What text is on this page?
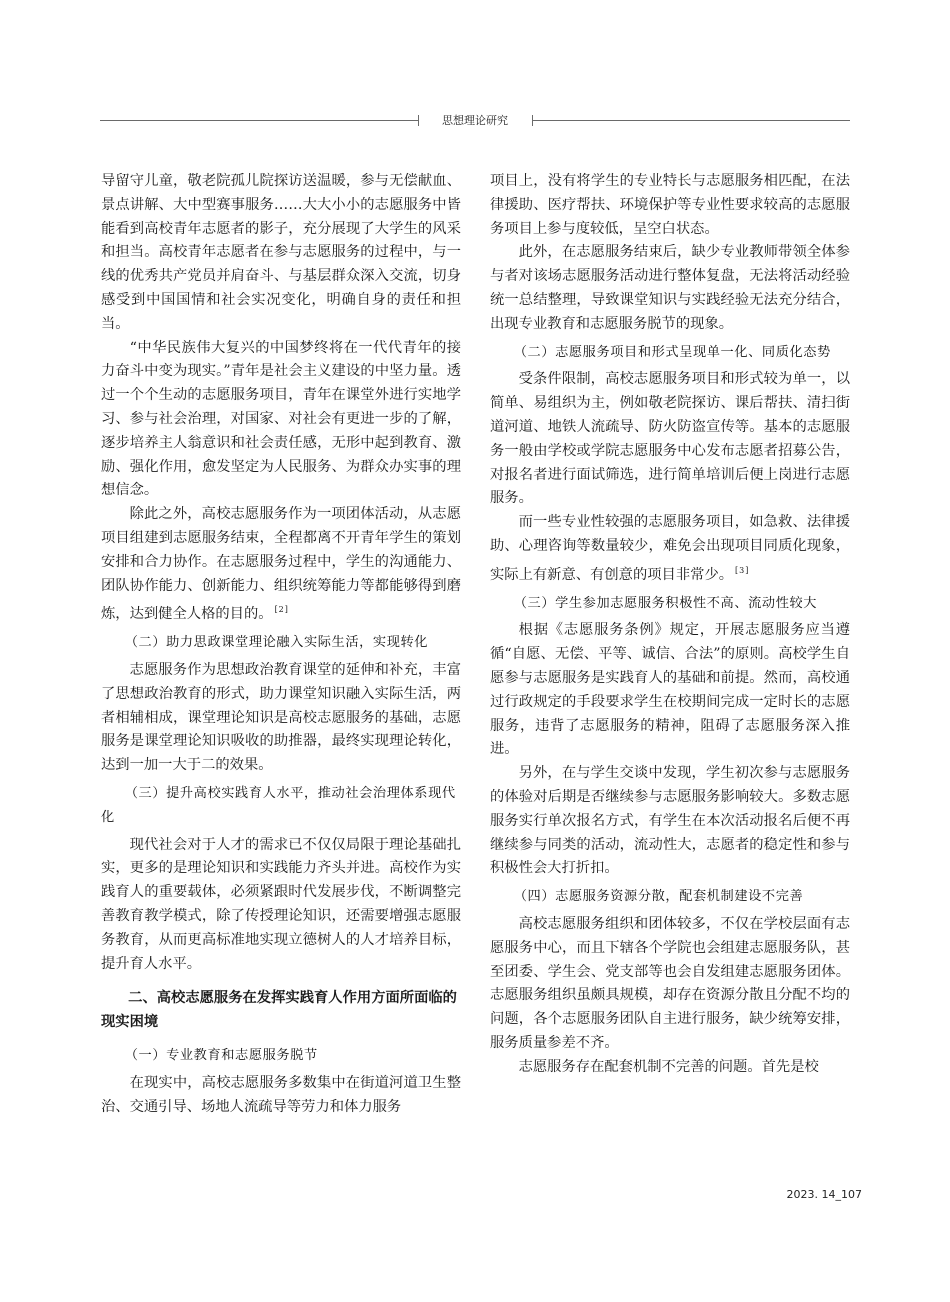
思想理论研究

导留守儿童，敬老院孤儿院探访送温暖，参与无偿献血、景点讲解、大中型赛事服务……大大小小的志愿服务中皆能看到高校青年志愿者的影子，充分展现了大学生的风采和担当。高校青年志愿者在参与志愿服务的过程中，与一线的优秀共产党员并肩奋斗、与基层群众深入交流，切身感受到中国国情和社会实况变化，明确自身的责任和担当。

“中华民族伟大复兴的中国梦终将在一代代青年的接力奋斗中变为现实。”青年是社会主义建设的中坚力量。透过一个个生动的志愿服务项目，青年在课堂外进行实地学习、参与社会治理，对国家、对社会有更进一步的了解，逐步培养主人翁意识和社会责任感，无形中起到教育、激励、强化作用，愈发坚定为人民服务、为群众办实事的理想信念。

除此之外，高校志愿服务作为一项团体活动，从志愿项目组建到志愿服务结束，全程都离不开青年学生的策划安排和合力协作。在志愿服务过程中，学生的沟通能力、团队协作能力、创新能力、组织统筹能力等都能够得到磨炼，达到健全人格的目的。 [2]

（二）助力思政课堂理论融入实际生活，实现转化

志愿服务作为思想政治教育课堂的延伸和补充，丰富了思想政治教育的形式，助力课堂知识融入实际生活，两者相辅相成，课堂理论知识是高校志愿服务的基础，志愿服务是课堂理论知识吸收的助推器，最终实现理论转化，达到一加一大于二的效果。

（三）提升高校实践育人水平，推动社会治理体系现代化

现代社会对于人才的需求已不仅仅局限于理论基础扎实，更多的是理论知识和实践能力齐头并进。高校作为实践育人的重要载体，必须紧跟时代发展步伐，不断调整完善教育教学模式，除了传授理论知识，还需要增强志愿服务教育，从而更高标准地实现立德树人的人才培养目标，提升育人水平。

二、高校志愿服务在发挥实践育人作用方面所面临的现实困境
（一）专业教育和志愿服务脱节

在现实中，高校志愿服务多数集中在街道河道卫生整治、交通引导、场地人流疏导等劳力和体力服务

项目上，没有将学生的专业特长与志愿服务相匹配，在法律援助、医疗帮扶、环境保护等专业性要求较高的志愿服务项目上参与度较低，呈空白状态。

此外，在志愿服务结束后，缺少专业教师带领全体参与者对该场志愿服务活动进行整体复盘，无法将活动经验统一总结整理，导致课堂知识与实践经验无法充分结合，出现专业教育和志愿服务脱节的现象。

（二）志愿服务项目和形式呈现单一化、同质化态势

受条件限制，高校志愿服务项目和形式较为单一，以简单、易组织为主，例如敬老院探访、课后帮扶、清扫街道河道、地铁人流疏导、防火防盗宣传等。基本的志愿服务一般由学校或学院志愿服务中心发布志愿者招募公告，对报名者进行面试筛选，进行简单培训后便上岗进行志愿服务。

而一些专业性较强的志愿服务项目，如急救、法律援助、心理咨询等数量较少，难免会出现项目同质化现象，实际上有新意、有创意的项目非常少。 [3]

（三）学生参加志愿服务积极性不高、流动性较大

根据《志愿服务条例》规定，开展志愿服务应当遵循“自愿、无偿、平等、诚信、合法”的原则。高校学生自愿参与志愿服务是实践育人的基础和前提。然而，高校通过行政规定的手段要求学生在校期间完成一定时长的志愿服务，违背了志愿服务的精神，阻碍了志愿服务深入推进。

另外，在与学生交谈中发现，学生初次参与志愿服务的体验对后期是否继续参与志愿服务影响较大。多数志愿服务实行单次报名方式，有学生在本次活动报名后便不再继续参与同类的活动，流动性大，志愿者的稳定性和参与积极性会大打折扣。

（四）志愿服务资源分散，配套机制建设不完善

高校志愿服务组织和团体较多，不仅在学校层面有志愿服务中心，而且下辖各个学院也会组建志愿服务队，甚至团委、学生会、党支部等也会自发组建志愿服务团体。志愿服务组织虽颇具规模，却存在资源分散且分配不均的问题，各个志愿服务团队自主进行服务，缺少统筹安排，服务质量参差不齐。

志愿服务存在配套机制不完善的问题。首先是校

2023. 14_107
